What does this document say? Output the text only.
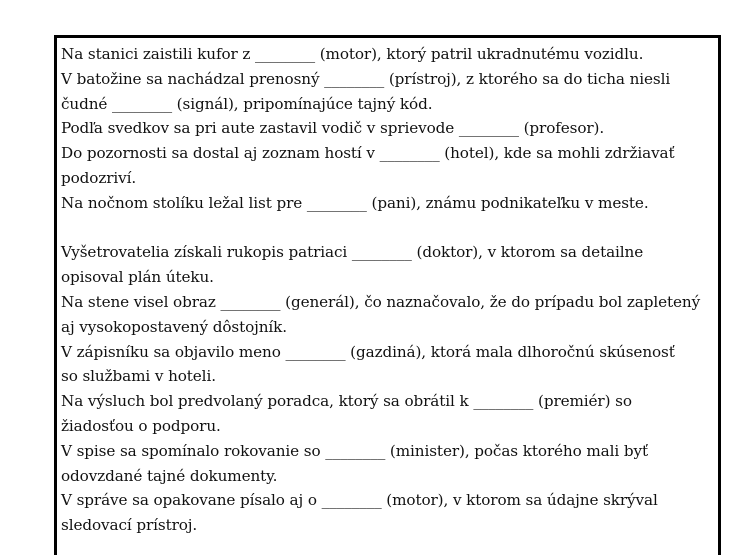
Na stanici zaistili kufor z ________ (motor), ktorý patril ukradnutému vozidlu.
V batožine sa nachádzal prenosný ________ (prístroj), z ktorého sa do ticha niesli
čudné ________ (signál), pripomínajúce tajný kód.
Podľa svedkov sa pri aute zastavil vodič v sprievode ________ (profesor).
Do pozornosti sa dostal aj zoznam hostí v ________ (hotel), kde sa mohli zdržiavať
podozriví.
Na nočnom stolíku ležal list pre ________ (pani), známu podnikateľku v meste.
Vyšetrovatelia získali rukopis patriaci ________ (doktor), v ktorom sa detailne
opisoval plán úteku.
Na stene visel obraz ________ (generál), čo naznačovalo, že do prípadu bol zapletený
aj vysokopostavený dôstojník.
V zápisníku sa objavilo meno ________ (gazdiná), ktorá mala dlhoročnú skúsenosť
so službami v hoteli.
Na výsluch bol predvolaný poradca, ktorý sa obrátil k ________ (premiér) so
žiadosťou o podporu.
V spise sa spomínalo rokovanie so ________ (minister), počas ktorého mali byť
odovzdané tajné dokumenty.
V správe sa opakovane písalo aj o ________ (motor), v ktorom sa údajne skrýval
sledovací prístroj.
